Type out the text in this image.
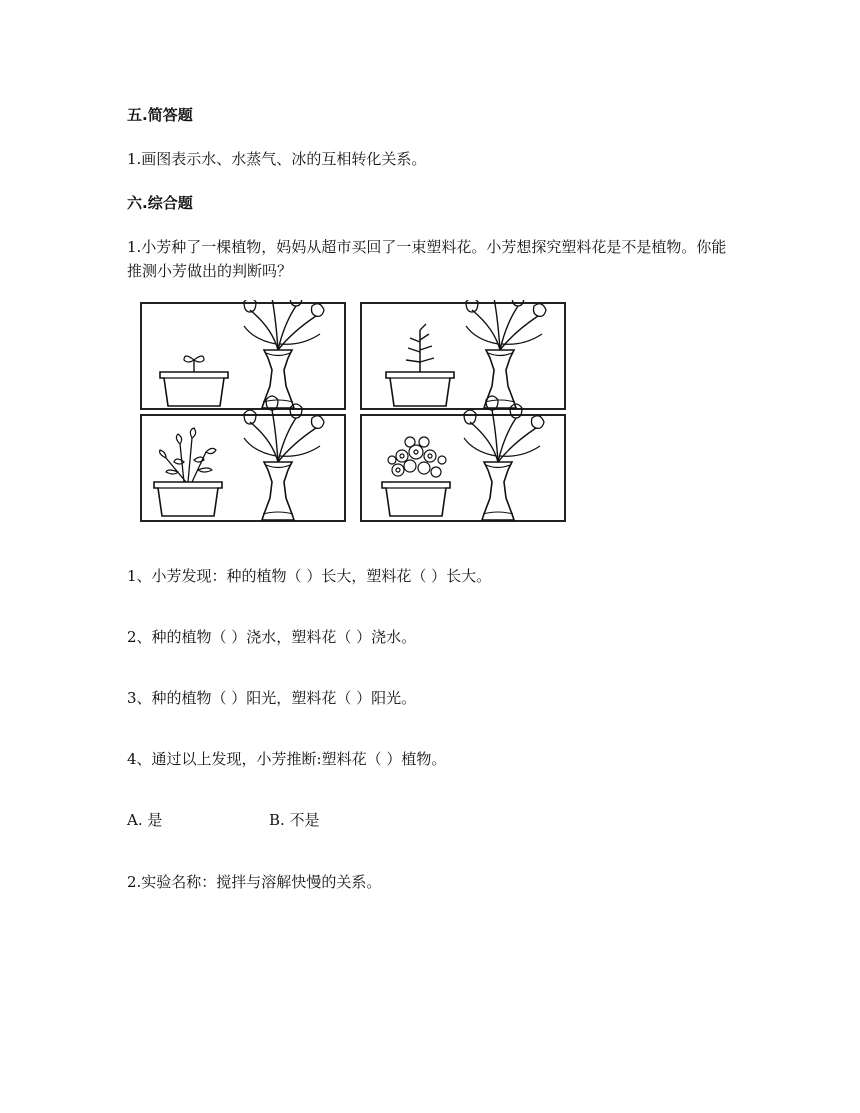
五.简答题
1.画图表示水、水蒸气、冰的互相转化关系。
六.综合题
1.小芳种了一棵植物，妈妈从超市买回了一束塑料花。小芳想探究塑料花是不是植物。你能推测小芳做出的判断吗？
1、小芳发现：种的植物（ ）长大，塑料花（ ）长大。
2、种的植物（ ）浇水，塑料花（ ）浇水。
3、种的植物（ ）阳光，塑料花（ ）阳光。
4、通过以上发现，小芳推断:塑料花（ ）植物。
A. 是	B. 不是
2.实验名称：搅拌与溶解快慢的关系。
